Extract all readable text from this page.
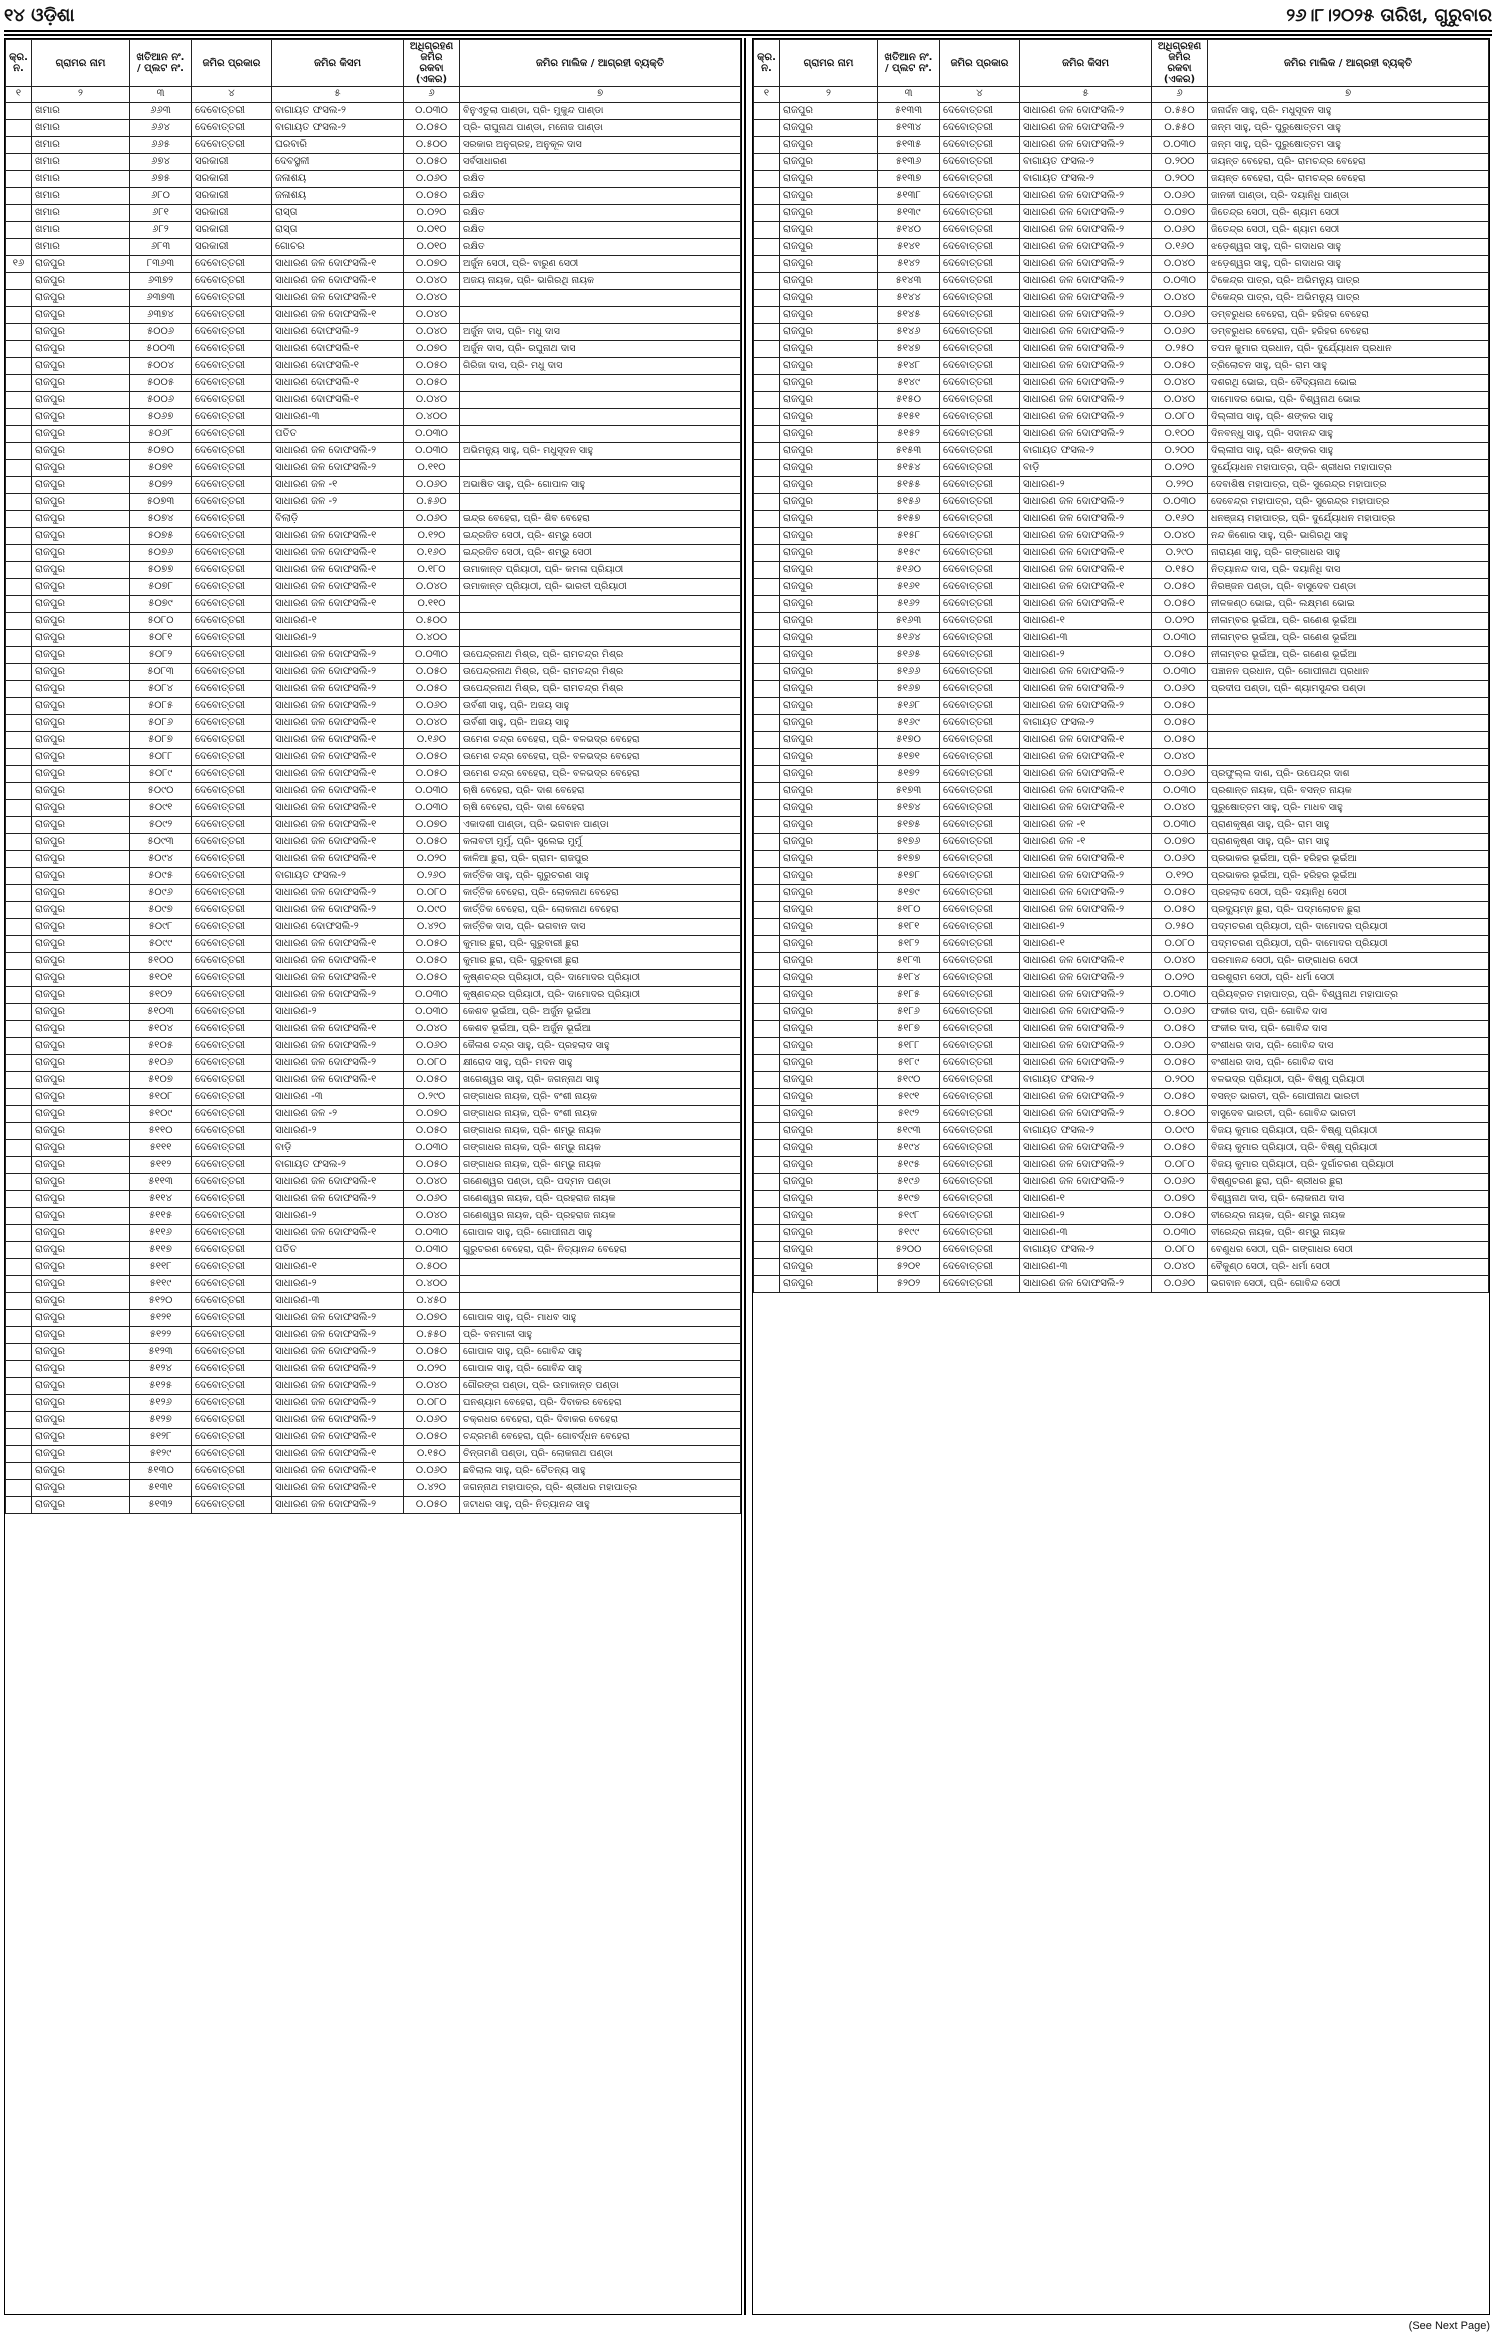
୧୪ ଓଡ଼ିଶା	୨୬।୮।୨୦୨୫ ତାରିଖ, ଗୁରୁବାର
କ୍ର. ନ.	ଗ୍ରାମର ନାମ	ଖତିଆନ ନଂ. / ପ୍ଲଟ ନଂ.	ଜମିର ପ୍ରକାର	ଜମିର କିସମ	ଅଧିଗ୍ରହଣ ଜମିର ରକବା (ଏକର)	ଜମିର ମାଲିକ / ଆଗ୍ରହୀ ବ୍ୟକ୍ତି
୧	୨	୩	୪	୫	୬	୭
	ଖମାର	୬୬୩	ଦେବୋତ୍ତରୀ	ବାଗାୟତ ଫସଲ-୨	୦.୦୩୦	ବିନୁଏତୁଲା ପାଣ୍ଡା, ପ୍ରି- ମୁକୁନ୍ଦ ପାଣ୍ଡା
	ଖମାର	୬୬୪	ଦେବୋତ୍ତରୀ	ବାଗାୟତ ଫସଲ-୨	୦.୦୫୦	ପ୍ରି- ରାଘୁନାଥ ପାଣ୍ଡା, ମନୋଜ ପାଣ୍ଡା
	ଖମାର	୬୬୫	ଦେବୋତ୍ତରୀ	ଘରବାରି	୦.୫୦୦	ସରକାର ଅନୁଗ୍ରହ, ଅନୁକୂଳ ଦାସ
	ଖମାର	୬୭୪	ସରକାରୀ	ଦେବସ୍ଥଳୀ	୦.୦୫୦	ସର୍ବସାଧାରଣ
	ଖମାର	୬୭୫	ସରକାରୀ	ଜଳାଶୟ	୦.୦୬୦	ରକ୍ଷିତ
	ଖମାର	୬୮୦	ସରକାରୀ	ଜଳାଶୟ	୦.୦୫୦	ରକ୍ଷିତ
	ଖମାର	୬୮୧	ସରକାରୀ	ରାସ୍ତା	୦.୦୨୦	ରକ୍ଷିତ
	ଖମାର	୬୮୨	ସରକାରୀ	ରାସ୍ତା	୦.୦୧୦	ରକ୍ଷିତ
	ଖମାର	୬୮୩	ସରକାରୀ	ଗୋଚର	୦.୦୧୦	ରକ୍ଷିତ
୧୬	ରାଜପୁର	୮୩୬୩	ଦେବୋତ୍ତରୀ	ସାଧାରଣ ଜଳ ଦୋଫସଲି-୧	୦.୦୭୦	ଅର୍ଜୁନ ସେଠୀ, ପ୍ରି- ବାରୁଣ ସେଠୀ
	ରାଜପୁର	୬୩୭୨	ଦେବୋତ୍ତରୀ	ସାଧାରଣ ଜଳ ଦୋଫସଲି-୧	୦.୦୪୦	ଅଜୟ ନାୟକ, ପ୍ରି- ଭାଗିରଥି ନାୟକ
	ରାଜପୁର	୬୩୭୩	ଦେବୋତ୍ତରୀ	ସାଧାରଣ ଜଳ ଦୋଫସଲି-୧	୦.୦୪୦	
	ରାଜପୁର	୬୩୭୪	ଦେବୋତ୍ତରୀ	ସାଧାରଣ ଜଳ ଦୋଫସଲି-୧	୦.୦୪୦	
	ରାଜପୁର	୫୦୦୬	ଦେବୋତ୍ତରୀ	ସାଧାରଣ ଦୋଫସଲି-୨	୦.୦୪୦	ଅର୍ଜୁନ ଦାସ, ପ୍ରି- ମଧୁ ଦାସ
	ରାଜପୁର	୫୦୦୩	ଦେବୋତ୍ତରୀ	ସାଧାରଣ ଦୋଫସଲି-୧	୦.୦୭୦	ଅର୍ଜୁନ ଦାସ, ପ୍ରି- ରଘୁନାଥ ଦାସ
	ରାଜପୁର	୫୦୦୪	ଦେବୋତ୍ତରୀ	ସାଧାରଣ ଦୋଫସଲି-୧	୦.୦୫୦	ଗିରିଜା ଦାସ, ପ୍ରି- ମଧୁ ଦାସ
	ରାଜପୁର	୫୦୦୫	ଦେବୋତ୍ତରୀ	ସାଧାରଣ ଦୋଫସଲି-୧	୦.୦୫୦	
	ରାଜପୁର	୫୦୦୬	ଦେବୋତ୍ତରୀ	ସାଧାରଣ ଦୋଫସଲି-୧	୦.୦୪୦	
	ରାଜପୁର	୫୦୬୭	ଦେବୋତ୍ତରୀ	ସାଧାରଣ-୩	୦.୪୦୦	
	ରାଜପୁର	୫୦୬୮	ଦେବୋତ୍ତରୀ	ପତିତ	୦.୦୩୦	
	ରାଜପୁର	୫୦୭୦	ଦେବୋତ୍ତରୀ	ସାଧାରଣ ଜଳ ଦୋଫସଲି-୨	୦.୦୩୦	ଅଭିମନ୍ୟୁ ସାହୁ, ପ୍ରି- ମଧୁସୂଦନ ସାହୁ
	ରାଜପୁର	୫୦୭୧	ଦେବୋତ୍ତରୀ	ସାଧାରଣ ଜଳ ଦୋଫସଲି-୨	୦.୧୧୦	
	ରାଜପୁର	୫୦୭୨	ଦେବୋତ୍ତରୀ	ସାଧାରଣ ଜଳ -୧	୦.୦୬୦	ଅଭାଷିତ ସାହୁ, ପ୍ରି- ଗୋପାଳ ସାହୁ
	ରାଜପୁର	୫୦୭୩	ଦେବୋତ୍ତରୀ	ସାଧାରଣ ଜଳ -୨	୦.୫୬୦	
	ରାଜପୁର	୫୦୭୪	ଦେବୋତ୍ତରୀ	ବିଲାଡ଼ି	୦.୦୬୦	ଇନ୍ଦ୍ର ବେହେରା, ପ୍ରି- ଶିବ ବେହେରା
	ରାଜପୁର	୫୦୭୫	ଦେବୋତ୍ତରୀ	ସାଧାରଣ ଜଳ ଦୋଫସଲି-୧	୦.୧୨୦	ଇନ୍ଦ୍ରଜିତ ସେଠୀ, ପ୍ରି- ଶମ୍ଭୁ ସେଠୀ
	ରାଜପୁର	୫୦୭୬	ଦେବୋତ୍ତରୀ	ସାଧାରଣ ଜଳ ଦୋଫସଲି-୧	୦.୧୬୦	ଇନ୍ଦ୍ରଜିତ ସେଠୀ, ପ୍ରି- ଶମ୍ଭୁ ସେଠୀ
	ରାଜପୁର	୫୦୭୭	ଦେବୋତ୍ତରୀ	ସାଧାରଣ ଜଳ ଦୋଫସଲି-୧	୦.୧୮୦	ଉମାକାନ୍ତ ପ୍ରିୟାଠୀ, ପ୍ରି- କମଳା ପ୍ରିୟାଠୀ
	ରାଜପୁର	୫୦୭୮	ଦେବୋତ୍ତରୀ	ସାଧାରଣ ଜଳ ଦୋଫସଲି-୧	୦.୦୪୦	ଉମାକାନ୍ତ ପ୍ରିୟାଠୀ, ପ୍ରି- ଭାରତୀ ପ୍ରିୟାଠୀ
	ରାଜପୁର	୫୦୭୯	ଦେବୋତ୍ତରୀ	ସାଧାରଣ ଜଳ ଦୋଫସଲି-୧	୦.୧୧୦	
	ରାଜପୁର	୫୦୮୦	ଦେବୋତ୍ତରୀ	ସାଧାରଣ-୧	୦.୫୦୦	
	ରାଜପୁର	୫୦୮୧	ଦେବୋତ୍ତରୀ	ସାଧାରଣ-୨	୦.୪୦୦	
	ରାଜପୁର	୫୦୮୨	ଦେବୋତ୍ତରୀ	ସାଧାରଣ ଜଳ ଦୋଫସଲି-୨	୦.୦୩୦	ଉପେନ୍ଦ୍ରନାଥ ମିଶ୍ର, ପ୍ରି- ରାମଚନ୍ଦ୍ର ମିଶ୍ର
	ରାଜପୁର	୫୦୮୩	ଦେବୋତ୍ତରୀ	ସାଧାରଣ ଜଳ ଦୋଫସଲି-୨	୦.୦୫୦	ଉପେନ୍ଦ୍ରନାଥ ମିଶ୍ର, ପ୍ରି- ରାମଚନ୍ଦ୍ର ମିଶ୍ର
	ରାଜପୁର	୫୦୮୪	ଦେବୋତ୍ତରୀ	ସାଧାରଣ ଜଳ ଦୋଫସଲି-୨	୦.୦୫୦	ଉପେନ୍ଦ୍ରନାଥ ମିଶ୍ର, ପ୍ରି- ରାମଚନ୍ଦ୍ର ମିଶ୍ର
	ରାଜପୁର	୫୦୮୫	ଦେବୋତ୍ତରୀ	ସାଧାରଣ ଜଳ ଦୋଫସଲି-୨	୦.୦୬୦	ଉର୍ବଶୀ ସାହୁ, ପ୍ରି- ଅଜୟ ସାହୁ
	ରାଜପୁର	୫୦୮୬	ଦେବୋତ୍ତରୀ	ସାଧାରଣ ଜଳ ଦୋଫସଲି-୧	୦.୦୪୦	ଉର୍ବଶୀ ସାହୁ, ପ୍ରି- ଅଜୟ ସାହୁ
	ରାଜପୁର	୫୦୮୭	ଦେବୋତ୍ତରୀ	ସାଧାରଣ ଜଳ ଦୋଫସଲି-୧	୦.୧୬୦	ଉମେଶ ଚନ୍ଦ୍ର ବେହେରା, ପ୍ରି- ବଳଭଦ୍ର ବେହେରା
	ରାଜପୁର	୫୦୮୮	ଦେବୋତ୍ତରୀ	ସାଧାରଣ ଜଳ ଦୋଫସଲି-୧	୦.୦୫୦	ଉମେଶ ଚନ୍ଦ୍ର ବେହେରା, ପ୍ରି- ବଳଭଦ୍ର ବେହେରା
	ରାଜପୁର	୫୦୮୯	ଦେବୋତ୍ତରୀ	ସାଧାରଣ ଜଳ ଦୋଫସଲି-୧	୦.୦୫୦	ଉମେଶ ଚନ୍ଦ୍ର ବେହେରା, ପ୍ରି- ବଳଭଦ୍ର ବେହେରା
	ରାଜପୁର	୫୦୯୦	ଦେବୋତ୍ତରୀ	ସାଧାରଣ ଜଳ ଦୋଫସଲି-୧	୦.୦୩୦	ଋଷି ବେହେରା, ପ୍ରି- ଦାଶ ବେହେରା
	ରାଜପୁର	୫୦୯୧	ଦେବୋତ୍ତରୀ	ସାଧାରଣ ଜଳ ଦୋଫସଲି-୧	୦.୦୩୦	ଋଷି ବେହେରା, ପ୍ରି- ଦାଶ ବେହେରା
	ରାଜପୁର	୫୦୯୨	ଦେବୋତ୍ତରୀ	ସାଧାରଣ ଜଳ ଦୋଫସଲି-୧	୦.୦୭୦	ଏକାଦଶୀ ପାଣ୍ଡା, ପ୍ରି- ଭଗବାନ ପାଣ୍ଡା
	ରାଜପୁର	୫୦୯୩	ଦେବୋତ୍ତରୀ	ସାଧାରଣ ଜଳ ଦୋଫସଲି-୧	୦.୦୫୦	କଳାବତୀ ମୁର୍ମୁ, ପ୍ରି- ସୁଲେଇ ମୁର୍ମୁ
	ରାଜପୁର	୫୦୯୪	ଦେବୋତ୍ତରୀ	ସାଧାରଣ ଜଳ ଦୋଫସଲି-୧	୦.୦୨୦	କାଳିଆ ଛୁରା, ପ୍ରି- ଗ୍ରାମ- ରାଜପୁର
	ରାଜପୁର	୫୦୯୫	ଦେବୋତ୍ତରୀ	ବାଗାୟତ ଫସଲ-୨	୦.୨୬୦	କାର୍ତ୍ତିକ ସାହୁ, ପ୍ରି- ଗୁରୁଚରଣ ସାହୁ
	ରାଜପୁର	୫୦୯୬	ଦେବୋତ୍ତରୀ	ସାଧାରଣ ଜଳ ଦୋଫସଲି-୨	୦.୦୮୦	କାର୍ତ୍ତିକ ବେହେରା, ପ୍ରି- ଲୋକନାଥ ବେହେରା
	ରାଜପୁର	୫୦୯୭	ଦେବୋତ୍ତରୀ	ସାଧାରଣ ଜଳ ଦୋଫସଲି-୨	୦.୦୯୦	କାର୍ତ୍ତିକ ବେହେରା, ପ୍ରି- ଲୋକନାଥ ବେହେରା
	ରାଜପୁର	୫୦୯୮	ଦେବୋତ୍ତରୀ	ସାଧାରଣ ଦୋଫସଲି-୨	୦.୪୨୦	କାର୍ତ୍ତିକ ଦାସ, ପ୍ରି- ଭଗବାନ ଦାସ
	ରାଜପୁର	୫୦୯୯	ଦେବୋତ୍ତରୀ	ସାଧାରଣ ଜଳ ଦୋଫସଲି-୧	୦.୦୫୦	କୁମାର ଛୁରା, ପ୍ରି- ଗୁରୁବାରୀ ଛୁରା
	ରାଜପୁର	୫୧୦୦	ଦେବୋତ୍ତରୀ	ସାଧାରଣ ଜଳ ଦୋଫସଲି-୧	୦.୦୫୦	କୁମାର ଛୁରା, ପ୍ରି- ଗୁରୁବାରୀ ଛୁରା
	ରାଜପୁର	୫୧୦୧	ଦେବୋତ୍ତରୀ	ସାଧାରଣ ଜଳ ଦୋଫସଲି-୧	୦.୦୫୦	କୃଷ୍ଣଚନ୍ଦ୍ର ପ୍ରିୟାଠୀ, ପ୍ରି- ଦାମୋଦର ପ୍ରିୟାଠୀ
	ରାଜପୁର	୫୧୦୨	ଦେବୋତ୍ତରୀ	ସାଧାରଣ ଜଳ ଦୋଫସଲି-୨	୦.୦୩୦	କୃଷ୍ଣଚନ୍ଦ୍ର ପ୍ରିୟାଠୀ, ପ୍ରି- ଦାମୋଦର ପ୍ରିୟାଠୀ
	ରାଜପୁର	୫୧୦୩	ଦେବୋତ୍ତରୀ	ସାଧାରଣ-୨	୦.୦୩୦	କେଶବ ଭୂଇଁଆ, ପ୍ରି- ଅର୍ଜୁନ ଭୂଇଁଆ
	ରାଜପୁର	୫୧୦୪	ଦେବୋତ୍ତରୀ	ସାଧାରଣ ଜଳ ଦୋଫସଲି-୧	୦.୦୪୦	କେଶବ ଭୂଇଁଆ, ପ୍ରି- ଅର୍ଜୁନ ଭୂଇଁଆ
	ରାଜପୁର	୫୧୦୫	ଦେବୋତ୍ତରୀ	ସାଧାରଣ ଜଳ ଦୋଫସଲି-୨	୦.୦୬୦	କୈଳାଶ ଚନ୍ଦ୍ର ସାହୁ, ପ୍ରି- ପ୍ରହଲାଦ ସାହୁ
	ରାଜପୁର	୫୧୦୬	ଦେବୋତ୍ତରୀ	ସାଧାରଣ ଜଳ ଦୋଫସଲି-୨	୦.୦୮୦	କ୍ଷୀରୋଦ ସାହୁ, ପ୍ରି- ମଦନ ସାହୁ
	ରାଜପୁର	୫୧୦୭	ଦେବୋତ୍ତରୀ	ସାଧାରଣ ଜଳ ଦୋଫସଲି-୧	୦.୦୫୦	ଖଗେଶ୍ୱର ସାହୁ, ପ୍ରି- ଜଗନ୍ନାଥ ସାହୁ
	ରାଜପୁର	୫୧୦୮	ଦେବୋତ୍ତରୀ	ସାଧାରଣ -୩	୦.୨୯୦	ଗଙ୍ଗାଧର ନାୟକ, ପ୍ରି- ବଂଶୀ ନାୟକ
	ରାଜପୁର	୫୧୦୯	ଦେବୋତ୍ତରୀ	ସାଧାରଣ ଜଳ -୨	୦.୦୭୦	ଗଙ୍ଗାଧର ନାୟକ, ପ୍ରି- ବଂଶୀ ନାୟକ
	ରାଜପୁର	୫୧୧୦	ଦେବୋତ୍ତରୀ	ସାଧାରଣ-୨	୦.୦୫୦	ଗଙ୍ଗାଧର ନାୟକ, ପ୍ରି- ଶମ୍ଭୁ ନାୟକ
	ରାଜପୁର	୫୧୧୧	ଦେବୋତ୍ତରୀ	ବାଡ଼ି	୦.୦୩୦	ଗଙ୍ଗାଧର ନାୟକ, ପ୍ରି- ଶମ୍ଭୁ ନାୟକ
	ରାଜପୁର	୫୧୧୨	ଦେବୋତ୍ତରୀ	ବାଗାୟତ ଫସଲ-୨	୦.୦୫୦	ଗଙ୍ଗାଧର ନାୟକ, ପ୍ରି- ଶମ୍ଭୁ ନାୟକ
	ରାଜପୁର	୫୧୧୩	ଦେବୋତ୍ତରୀ	ସାଧାରଣ ଜଳ ଦୋଫସଲି-୧	୦.୦୪୦	ଗଣେଶ୍ୱର ପଣ୍ଡା, ପ୍ରି- ପଦ୍ମନ ପଣ୍ଡା
	ରାଜପୁର	୫୧୧୪	ଦେବୋତ୍ତରୀ	ସାଧାରଣ ଜଳ ଦୋଫସଲି-୨	୦.୦୬୦	ଗଣେଶ୍ୱର ନାୟକ, ପ୍ରି- ପ୍ରହରାଜ ନାୟକ
	ରାଜପୁର	୫୧୧୫	ଦେବୋତ୍ତରୀ	ସାଧାରଣ-୨	୦.୦୪୦	ଗଣେଶ୍ୱର ନାୟକ, ପ୍ରି- ପ୍ରହରାଜ ନାୟକ
	ରାଜପୁର	୫୧୧୬	ଦେବୋତ୍ତରୀ	ସାଧାରଣ ଜଳ ଦୋଫସଲି-୧	୦.୦୩୦	ଗୋପାଳ ସାହୁ, ପ୍ରି- ଗୋପୀନାଥ ସାହୁ
	ରାଜପୁର	୫୧୧୭	ଦେବୋତ୍ତରୀ	ପତିତ	୦.୦୩୦	ଗୁରୁଚରଣ ବେହେରା, ପ୍ରି- ନିତ୍ୟାନନ୍ଦ ବେହେରା
	ରାଜପୁର	୫୧୧୮	ଦେବୋତ୍ତରୀ	ସାଧାରଣ-୧	୦.୫୦୦	
	ରାଜପୁର	୫୧୧୯	ଦେବୋତ୍ତରୀ	ସାଧାରଣ-୨	୦.୪୦୦	
	ରାଜପୁର	୫୧୨୦	ଦେବୋତ୍ତରୀ	ସାଧାରଣ-୩	୦.୪୫୦	
	ରାଜପୁର	୫୧୨୧	ଦେବୋତ୍ତରୀ	ସାଧାରଣ ଜଳ ଦୋଫସଲି-୨	୦.୦୭୦	ଗୋପାଳ ସାହୁ, ପ୍ରି- ମାଧବ ସାହୁ
	ରାଜପୁର	୫୧୨୨	ଦେବୋତ୍ତରୀ	ସାଧାରଣ ଜଳ ଦୋଫସଲି-୨	୦.୫୫୦	ପ୍ରି- ବନମାଳୀ ସାହୁ
	ରାଜପୁର	୫୧୨୩	ଦେବୋତ୍ତରୀ	ସାଧାରଣ ଜଳ ଦୋଫସଲି-୨	୦.୦୫୦	ଗୋପାଳ ସାହୁ, ପ୍ରି- ଗୋବିନ୍ଦ ସାହୁ
	ରାଜପୁର	୫୧୨୪	ଦେବୋତ୍ତରୀ	ସାଧାରଣ ଜଳ ଦୋଫସଲି-୨	୦.୦୨୦	ଗୋପାଳ ସାହୁ, ପ୍ରି- ଗୋବିନ୍ଦ ସାହୁ
	ରାଜପୁର	୫୧୨୫	ଦେବୋତ୍ତରୀ	ସାଧାରଣ ଜଳ ଦୋଫସଲି-୨	୦.୦୪୦	ଗୌରଙ୍ଗ ପଣ୍ଡା, ପ୍ରି- ଉମାକାନ୍ତ ପଣ୍ଡା
	ରାଜପୁର	୫୧୨୬	ଦେବୋତ୍ତରୀ	ସାଧାରଣ ଜଳ ଦୋଫସଲି-୨	୦.୦୮୦	ଘନଶ୍ୟାମ ବେହେରା, ପ୍ରି- ଦିବାକର ବେହେରା
	ରାଜପୁର	୫୧୨୭	ଦେବୋତ୍ତରୀ	ସାଧାରଣ ଜଳ ଦୋଫସଲି-୨	୦.୦୬୦	ଚକ୍ରଧର ବେହେରା, ପ୍ରି- ଦିବାକର ବେହେରା
	ରାଜପୁର	୫୧୨୮	ଦେବୋତ୍ତରୀ	ସାଧାରଣ ଜଳ ଦୋଫସଲି-୧	୦.୦୫୦	ଚନ୍ଦ୍ରମଣି ବେହେରା, ପ୍ରି- ଗୋବର୍ଦ୍ଧନ ବେହେରା
	ରାଜପୁର	୫୧୨୯	ଦେବୋତ୍ତରୀ	ସାଧାରଣ ଜଳ ଦୋଫସଲି-୧	୦.୧୫୦	ଚିନ୍ତାମଣି ପଣ୍ଡା, ପ୍ରି- ଲୋକନାଥ ପଣ୍ଡା
	ରାଜପୁର	୫୧୩୦	ଦେବୋତ୍ତରୀ	ସାଧାରଣ ଜଳ ଦୋଫସଲି-୧	୦.୦୬୦	ଛବିଲାଲ ସାହୁ, ପ୍ରି- ଚୈତନ୍ୟ ସାହୁ
	ରାଜପୁର	୫୧୩୧	ଦେବୋତ୍ତରୀ	ସାଧାରଣ ଜଳ ଦୋଫସଲି-୧	୦.୪୨୦	ଜଗନ୍ନାଥ ମହାପାତ୍ର, ପ୍ରି- ଶ୍ରୀଧର ମହାପାତ୍ର
	ରାଜପୁର	୫୧୩୨	ଦେବୋତ୍ତରୀ	ସାଧାରଣ ଜଳ ଦୋଫସଲି-୨	୦.୦୫୦	ଜଟାଧର ସାହୁ, ପ୍ରି- ନିତ୍ୟାନନ୍ଦ ସାହୁ
କ୍ର. ନ.	ଗ୍ରାମର ନାମ	ଖତିଆନ ନଂ. / ପ୍ଲଟ ନଂ.	ଜମିର ପ୍ରକାର	ଜମିର କିସମ	ଅଧିଗ୍ରହଣ ଜମିର ରକବା (ଏକର)	ଜମିର ମାଲିକ / ଆଗ୍ରହୀ ବ୍ୟକ୍ତି
୧	୨	୩	୪	୫	୬	୭
	ରାଜପୁର	୫୧୩୩	ଦେବୋତ୍ତରୀ	ସାଧାରଣ ଜଳ ଦୋଫସଲି-୨	୦.୫୫୦	ଜନାର୍ଦ୍ଦନ ସାହୁ, ପ୍ରି- ମଧୁସୂଦନ ସାହୁ
	ରାଜପୁର	୫୧୩୪	ଦେବୋତ୍ତରୀ	ସାଧାରଣ ଜଳ ଦୋଫସଲି-୨	୦.୫୫୦	ଜନ୍ମ ସାହୁ, ପ୍ରି- ପୁରୁଷୋତ୍ତମ ସାହୁ
	ରାଜପୁର	୫୧୩୫	ଦେବୋତ୍ତରୀ	ସାଧାରଣ ଜଳ ଦୋଫସଲି-୨	୦.୦୩୦	ଜନ୍ମ ସାହୁ, ପ୍ରି- ପୁରୁଷୋତ୍ତମ ସାହୁ
	ରାଜପୁର	୫୧୩୬	ଦେବୋତ୍ତରୀ	ବାଗାୟତ ଫସଲ-୨	୦.୨୦୦	ଜୟନ୍ତ ବେହେରା, ପ୍ରି- ରାମଚନ୍ଦ୍ର ବେହେରା
	ରାଜପୁର	୫୧୩୭	ଦେବୋତ୍ତରୀ	ବାଗାୟତ ଫସଲ-୨	୦.୨୦୦	ଜୟନ୍ତ ବେହେରା, ପ୍ରି- ରାମଚନ୍ଦ୍ର ବେହେରା
	ରାଜପୁର	୫୧୩୮	ଦେବୋତ୍ତରୀ	ସାଧାରଣ ଜଳ ଦୋଫସଲି-୨	୦.୦୬୦	ଜାନକୀ ପାଣ୍ଡା, ପ୍ରି- ଦୟାନିଧି ପାଣ୍ଡା
	ରାଜପୁର	୫୧୩୯	ଦେବୋତ୍ତରୀ	ସାଧାରଣ ଜଳ ଦୋଫସଲି-୨	୦.୦୭୦	ଜିତେନ୍ଦ୍ର ସେଠୀ, ପ୍ରି- ଶ୍ୟାମ ସେଠୀ
	ରାଜପୁର	୫୧୪୦	ଦେବୋତ୍ତରୀ	ସାଧାରଣ ଜଳ ଦୋଫସଲି-୨	୦.୦୬୦	ଜିତେନ୍ଦ୍ର ସେଠୀ, ପ୍ରି- ଶ୍ୟାମ ସେଠୀ
	ରାଜପୁର	୫୧୪୧	ଦେବୋତ୍ତରୀ	ସାଧାରଣ ଜଳ ଦୋଫସଲି-୨	୦.୧୬୦	ଝଡ଼େଶ୍ୱର ସାହୁ, ପ୍ରି- ଗଦାଧର ସାହୁ
	ରାଜପୁର	୫୧୪୨	ଦେବୋତ୍ତରୀ	ସାଧାରଣ ଜଳ ଦୋଫସଲି-୨	୦.୦୪୦	ଝଡ଼େଶ୍ୱର ସାହୁ, ପ୍ରି- ଗଦାଧର ସାହୁ
	ରାଜପୁର	୫୧୪୩	ଦେବୋତ୍ତରୀ	ସାଧାରଣ ଜଳ ଦୋଫସଲି-୨	୦.୦୩୦	ଟିକେନ୍ଦ୍ର ପାତ୍ର, ପ୍ରି- ଅଭିମନ୍ୟୁ ପାତ୍ର
	ରାଜପୁର	୫୧୪୪	ଦେବୋତ୍ତରୀ	ସାଧାରଣ ଜଳ ଦୋଫସଲି-୨	୦.୦୪୦	ଟିକେନ୍ଦ୍ର ପାତ୍ର, ପ୍ରି- ଅଭିମନ୍ୟୁ ପାତ୍ର
	ରାଜପୁର	୫୧୪୫	ଦେବୋତ୍ତରୀ	ସାଧାରଣ ଜଳ ଦୋଫସଲି-୨	୦.୦୬୦	ଡମ୍ବରୁଧର ବେହେରା, ପ୍ରି- ହରିହର ବେହେରା
	ରାଜପୁର	୫୧୪୬	ଦେବୋତ୍ତରୀ	ସାଧାରଣ ଜଳ ଦୋଫସଲି-୨	୦.୦୬୦	ଡମ୍ବରୁଧର ବେହେରା, ପ୍ରି- ହରିହର ବେହେରା
	ରାଜପୁର	୫୧୪୭	ଦେବୋତ୍ତରୀ	ସାଧାରଣ ଜଳ ଦୋଫସଲି-୨	୦.୨୫୦	ତପନ କୁମାର ପ୍ରଧାନ, ପ୍ରି- ଦୁର୍ଯ୍ୟୋଧନ ପ୍ରଧାନ
	ରାଜପୁର	୫୧୪୮	ଦେବୋତ୍ତରୀ	ସାଧାରଣ ଜଳ ଦୋଫସଲି-୨	୦.୦୫୦	ତ୍ରିଲୋଚନ ସାହୁ, ପ୍ରି- ରାମ ସାହୁ
	ରାଜପୁର	୫୧୪୯	ଦେବୋତ୍ତରୀ	ସାଧାରଣ ଜଳ ଦୋଫସଲି-୨	୦.୦୪୦	ଦଶରଥି ଭୋଇ, ପ୍ରି- ବୈଦ୍ୟନାଥ ଭୋଇ
	ରାଜପୁର	୫୧୫୦	ଦେବୋତ୍ତରୀ	ସାଧାରଣ ଜଳ ଦୋଫସଲି-୨	୦.୦୪୦	ଦାମୋଦର ଭୋଇ, ପ୍ରି- ବିଶ୍ୱନାଥ ଭୋଇ
	ରାଜପୁର	୫୧୫୧	ଦେବୋତ୍ତରୀ	ସାଧାରଣ ଜଳ ଦୋଫସଲି-୨	୦.୦୮୦	ଦିଲ୍ଲୀପ ସାହୁ, ପ୍ରି- ଶଙ୍କର ସାହୁ
	ରାଜପୁର	୫୧୫୨	ଦେବୋତ୍ତରୀ	ସାଧାରଣ ଜଳ ଦୋଫସଲି-୨	୦.୧୦୦	ଦିନବନ୍ଧୁ ସାହୁ, ପ୍ରି- ସଦାନନ୍ଦ ସାହୁ
	ରାଜପୁର	୫୧୫୩	ଦେବୋତ୍ତରୀ	ବାଗାୟତ ଫସଲ-୨	୦.୨୦୦	ଦିଲ୍ଲୀପ ସାହୁ, ପ୍ରି- ଶଙ୍କର ସାହୁ
	ରାଜପୁର	୫୧୫୪	ଦେବୋତ୍ତରୀ	ବାଡ଼ି	୦.୦୨୦	ଦୁର୍ଯ୍ୟୋଧନ ମହାପାତ୍ର, ପ୍ରି- ଶ୍ରୀଧର ମହାପାତ୍ର
	ରାଜପୁର	୫୧୫୫	ଦେବୋତ୍ତରୀ	ସାଧାରଣ-୨	୦.୨୨୦	ଦେବାଶିଷ ମହାପାତ୍ର, ପ୍ରି- ସୁରେନ୍ଦ୍ର ମହାପାତ୍ର
	ରାଜପୁର	୫୧୫୬	ଦେବୋତ୍ତରୀ	ସାଧାରଣ ଜଳ ଦୋଫସଲି-୨	୦.୦୩୦	ଦେବେନ୍ଦ୍ର ମହାପାତ୍ର, ପ୍ରି- ସୁରେନ୍ଦ୍ର ମହାପାତ୍ର
	ରାଜପୁର	୫୧୫୭	ଦେବୋତ୍ତରୀ	ସାଧାରଣ ଜଳ ଦୋଫସଲି-୨	୦.୧୬୦	ଧନଞ୍ଜୟ ମହାପାତ୍ର, ପ୍ରି- ଦୁର୍ଯ୍ୟୋଧନ ମହାପାତ୍ର
	ରାଜପୁର	୫୧୫୮	ଦେବୋତ୍ତରୀ	ସାଧାରଣ ଜଳ ଦୋଫସଲି-୨	୦.୦୪୦	ନନ୍ଦ କିଶୋର ସାହୁ, ପ୍ରି- ଭାଗିରଥି ସାହୁ
	ରାଜପୁର	୫୧୫୯	ଦେବୋତ୍ତରୀ	ସାଧାରଣ ଜଳ ଦୋଫସଲି-୧	୦.୨୯୦	ନାରାୟଣ ସାହୁ, ପ୍ରି- ଗଙ୍ଗାଧର ସାହୁ
	ରାଜପୁର	୫୧୬୦	ଦେବୋତ୍ତରୀ	ସାଧାରଣ ଜଳ ଦୋଫସଲି-୧	୦.୧୫୦	ନିତ୍ୟାନନ୍ଦ ଦାସ, ପ୍ରି- ଦୟାନିଧି ଦାସ
	ରାଜପୁର	୫୧୬୧	ଦେବୋତ୍ତରୀ	ସାଧାରଣ ଜଳ ଦୋଫସଲି-୧	୦.୦୫୦	ନିରଞ୍ଜନ ପଣ୍ଡା, ପ୍ରି- ବାସୁଦେବ ପଣ୍ଡା
	ରାଜପୁର	୫୧୬୨	ଦେବୋତ୍ତରୀ	ସାଧାରଣ ଜଳ ଦୋଫସଲି-୧	୦.୦୫୦	ନୀଳକଣ୍ଠ ଭୋଇ, ପ୍ରି- ଲକ୍ଷ୍ମଣ ଭୋଇ
	ରାଜପୁର	୫୧୬୩	ଦେବୋତ୍ତରୀ	ସାଧାରଣ-୧	୦.୦୨୦	ନୀଳାମ୍ବର ଭୂଇଁଆ, ପ୍ରି- ଗଣେଶ ଭୂଇଁଆ
	ରାଜପୁର	୫୧୬୪	ଦେବୋତ୍ତରୀ	ସାଧାରଣ-୩	୦.୦୩୦	ନୀଳାମ୍ବର ଭୂଇଁଆ, ପ୍ରି- ଗଣେଶ ଭୂଇଁଆ
	ରାଜପୁର	୫୧୬୫	ଦେବୋତ୍ତରୀ	ସାଧାରଣ-୨	୦.୦୫୦	ନୀଳାମ୍ବର ଭୂଇଁଆ, ପ୍ରି- ଗଣେଶ ଭୂଇଁଆ
	ରାଜପୁର	୫୧୬୬	ଦେବୋତ୍ତରୀ	ସାଧାରଣ ଜଳ ଦୋଫସଲି-୨	୦.୦୩୦	ପଞ୍ଚାନନ ପ୍ରଧାନ, ପ୍ରି- ଗୋପୀନାଥ ପ୍ରଧାନ
	ରାଜପୁର	୫୧୬୭	ଦେବୋତ୍ତରୀ	ସାଧାରଣ ଜଳ ଦୋଫସଲି-୨	୦.୦୬୦	ପ୍ରଦୀପ ପଣ୍ଡା, ପ୍ରି- ଶ୍ୟାମସୁନ୍ଦର ପଣ୍ଡା
	ରାଜପୁର	୫୧୬୮	ଦେବୋତ୍ତରୀ	ସାଧାରଣ ଜଳ ଦୋଫସଲି-୨	୦.୦୫୦	
	ରାଜପୁର	୫୧୬୯	ଦେବୋତ୍ତରୀ	ବାଗାୟତ ଫସଲ-୨	୦.୦୫୦	
	ରାଜପୁର	୫୧୭୦	ଦେବୋତ୍ତରୀ	ସାଧାରଣ ଜଳ ଦୋଫସଲି-୧	୦.୦୫୦	
	ରାଜପୁର	୫୧୭୧	ଦେବୋତ୍ତରୀ	ସାଧାରଣ ଜଳ ଦୋଫସଲି-୧	୦.୦୪୦	
	ରାଜପୁର	୫୧୭୨	ଦେବୋତ୍ତରୀ	ସାଧାରଣ ଜଳ ଦୋଫସଲି-୧	୦.୦୬୦	ପ୍ରଫୁଲ୍ଲ ଦାଶ, ପ୍ରି- ଉପେନ୍ଦ୍ର ଦାଶ
	ରାଜପୁର	୫୧୭୩	ଦେବୋତ୍ତରୀ	ସାଧାରଣ ଜଳ ଦୋଫସଲି-୧	୦.୦୩୦	ପ୍ରଶାନ୍ତ ନାୟକ, ପ୍ରି- ବସନ୍ତ ନାୟକ
	ରାଜପୁର	୫୧୭୪	ଦେବୋତ୍ତରୀ	ସାଧାରଣ ଜଳ ଦୋଫସଲି-୧	୦.୦୪୦	ପୁରୁଷୋତ୍ତମ ସାହୁ, ପ୍ରି- ମାଧବ ସାହୁ
	ରାଜପୁର	୫୧୭୫	ଦେବୋତ୍ତରୀ	ସାଧାରଣ ଜଳ -୧	୦.୦୩୦	ପ୍ରାଣକୃଷ୍ଣ ସାହୁ, ପ୍ରି- ରାମ ସାହୁ
	ରାଜପୁର	୫୧୭୬	ଦେବୋତ୍ତରୀ	ସାଧାରଣ ଜଳ -୧	୦.୦୭୦	ପ୍ରାଣକୃଷ୍ଣ ସାହୁ, ପ୍ରି- ରାମ ସାହୁ
	ରାଜପୁର	୫୧୭୭	ଦେବୋତ୍ତରୀ	ସାଧାରଣ ଜଳ ଦୋଫସଲି-୧	୦.୦୬୦	ପ୍ରଭାକର ଭୂଇଁଆ, ପ୍ରି- ହରିହର ଭୂଇଁଆ
	ରାଜପୁର	୫୧୭୮	ଦେବୋତ୍ତରୀ	ସାଧାରଣ ଜଳ ଦୋଫସଲି-୨	୦.୧୨୦	ପ୍ରଭାକର ଭୂଇଁଆ, ପ୍ରି- ହରିହର ଭୂଇଁଆ
	ରାଜପୁର	୫୧୭୯	ଦେବୋତ୍ତରୀ	ସାଧାରଣ ଜଳ ଦୋଫସଲି-୨	୦.୦୫୦	ପ୍ରହଲାଦ ସେଠୀ, ପ୍ରି- ଦୟାନିଧି ସେଠୀ
	ରାଜପୁର	୫୧୮୦	ଦେବୋତ୍ତରୀ	ସାଧାରଣ ଜଳ ଦୋଫସଲି-୨	୦.୦୫୦	ପ୍ରଦ୍ୟୁମ୍ନ ଛୁରା, ପ୍ରି- ପଦ୍ମଲୋଚନ ଛୁରା
	ରାଜପୁର	୫୧୮୧	ଦେବୋତ୍ତରୀ	ସାଧାରଣ-୨	୦.୨୫୦	ପଦ୍ମଚରଣ ପ୍ରିୟାଠୀ, ପ୍ରି- ଦାମୋଦର ପ୍ରିୟାଠୀ
	ରାଜପୁର	୫୧୮୨	ଦେବୋତ୍ତରୀ	ସାଧାରଣ-୧	୦.୦୮୦	ପଦ୍ମଚରଣ ପ୍ରିୟାଠୀ, ପ୍ରି- ଦାମୋଦର ପ୍ରିୟାଠୀ
	ରାଜପୁର	୫୧୮୩	ଦେବୋତ୍ତରୀ	ସାଧାରଣ ଜଳ ଦୋଫସଲି-୧	୦.୦୪୦	ପରମାନନ୍ଦ ସେଠୀ, ପ୍ରି- ଗଙ୍ଗାଧର ସେଠୀ
	ରାଜପୁର	୫୧୮୪	ଦେବୋତ୍ତରୀ	ସାଧାରଣ ଜଳ ଦୋଫସଲି-୨	୦.୦୨୦	ପରଶୁରାମ ସେଠୀ, ପ୍ରି- ଧର୍ମା ସେଠୀ
	ରାଜପୁର	୫୧୮୫	ଦେବୋତ୍ତରୀ	ସାଧାରଣ ଜଳ ଦୋଫସଲି-୨	୦.୦୩୦	ପ୍ରିୟବ୍ରତ ମହାପାତ୍ର, ପ୍ରି- ବିଶ୍ୱନାଥ ମହାପାତ୍ର
	ରାଜପୁର	୫୧୮୬	ଦେବୋତ୍ତରୀ	ସାଧାରଣ ଜଳ ଦୋଫସଲି-୨	୦.୦୬୦	ଫକୀର ଦାସ, ପ୍ରି- ଗୋବିନ୍ଦ ଦାସ
	ରାଜପୁର	୫୧୮୭	ଦେବୋତ୍ତରୀ	ସାଧାରଣ ଜଳ ଦୋଫସଲି-୨	୦.୦୫୦	ଫକୀର ଦାସ, ପ୍ରି- ଗୋବିନ୍ଦ ଦାସ
	ରାଜପୁର	୫୧୮୮	ଦେବୋତ୍ତରୀ	ସାଧାରଣ ଜଳ ଦୋଫସଲି-୨	୦.୦୬୦	ବଂଶୀଧର ଦାସ, ପ୍ରି- ଗୋବିନ୍ଦ ଦାସ
	ରାଜପୁର	୫୧୮୯	ଦେବୋତ୍ତରୀ	ସାଧାରଣ ଜଳ ଦୋଫସଲି-୨	୦.୦୫୦	ବଂଶୀଧର ଦାସ, ପ୍ରି- ଗୋବିନ୍ଦ ଦାସ
	ରାଜପୁର	୫୧୯୦	ଦେବୋତ୍ତରୀ	ବାଗାୟତ ଫସଲ-୨	୦.୨୦୦	ବଳଭଦ୍ର ପ୍ରିୟାଠୀ, ପ୍ରି- ବିଷ୍ଣୁ ପ୍ରିୟାଠୀ
	ରାଜପୁର	୫୧୯୧	ଦେବୋତ୍ତରୀ	ସାଧାରଣ ଜଳ ଦୋଫସଲି-୨	୦.୦୫୦	ବସନ୍ତ ଭାରତୀ, ପ୍ରି- ଗୋପୀନାଥ ଭାରତୀ
	ରାଜପୁର	୫୧୯୨	ଦେବୋତ୍ତରୀ	ସାଧାରଣ ଜଳ ଦୋଫସଲି-୨	୦.୫୦୦	ବାସୁଦେବ ଭାରତୀ, ପ୍ରି- ଗୋବିନ୍ଦ ଭାରତୀ
	ରାଜପୁର	୫୧୯୩	ଦେବୋତ୍ତରୀ	ବାଗାୟତ ଫସଲ-୨	୦.୦୯୦	ବିଜୟ କୁମାର ପ୍ରିୟାଠୀ, ପ୍ରି- ବିଷ୍ଣୁ ପ୍ରିୟାଠୀ
	ରାଜପୁର	୫୧୯୪	ଦେବୋତ୍ତରୀ	ସାଧାରଣ ଜଳ ଦୋଫସଲି-୨	୦.୦୫୦	ବିଜୟ କୁମାର ପ୍ରିୟାଠୀ, ପ୍ରି- ବିଷ୍ଣୁ ପ୍ରିୟାଠୀ
	ରାଜପୁର	୫୧୯୫	ଦେବୋତ୍ତରୀ	ସାଧାରଣ ଜଳ ଦୋଫସଲି-୨	୦.୦୮୦	ବିଜୟ କୁମାର ପ୍ରିୟାଠୀ, ପ୍ରି- ଦୁର୍ଗାଚରଣ ପ୍ରିୟାଠୀ
	ରାଜପୁର	୫୧୯୬	ଦେବୋତ୍ତରୀ	ସାଧାରଣ ଜଳ ଦୋଫସଲି-୨	୦.୦୬୦	ବିଷ୍ଣୁଚରଣ ଛୁରା, ପ୍ରି- ଶ୍ରୀଧର ଛୁରା
	ରାଜପୁର	୫୧୯୭	ଦେବୋତ୍ତରୀ	ସାଧାରଣ-୧	୦.୦୭୦	ବିଶ୍ୱନାଥ ଦାସ, ପ୍ରି- ଲୋକନାଥ ଦାସ
	ରାଜପୁର	୫୧୯୮	ଦେବୋତ୍ତରୀ	ସାଧାରଣ-୨	୦.୦୫୦	ବୀରେନ୍ଦ୍ର ନାୟକ, ପ୍ରି- ଶମ୍ଭୁ ନାୟକ
	ରାଜପୁର	୫୧୯୯	ଦେବୋତ୍ତରୀ	ସାଧାରଣ-୩	୦.୦୩୦	ବୀରେନ୍ଦ୍ର ନାୟକ, ପ୍ରି- ଶମ୍ଭୁ ନାୟକ
	ରାଜପୁର	୫୨୦୦	ଦେବୋତ୍ତରୀ	ବାଗାୟତ ଫସଲ-୨	୦.୦୮୦	ବେଣୁଧର ସେଠୀ, ପ୍ରି- ଗଙ୍ଗାଧର ସେଠୀ
	ରାଜପୁର	୫୨୦୧	ଦେବୋତ୍ତରୀ	ସାଧାରଣ-୩	୦.୦୪୦	ବୈକୁଣ୍ଠ ସେଠୀ, ପ୍ରି- ଧର୍ମା ସେଠୀ
	ରାଜପୁର	୫୨୦୨	ଦେବୋତ୍ତରୀ	ସାଧାରଣ ଜଳ ଦୋଫସଲି-୨	୦.୦୬୦	ଭଗବାନ ସେଠୀ, ପ୍ରି- ଗୋବିନ୍ଦ ସେଠୀ
(See Next Page)
